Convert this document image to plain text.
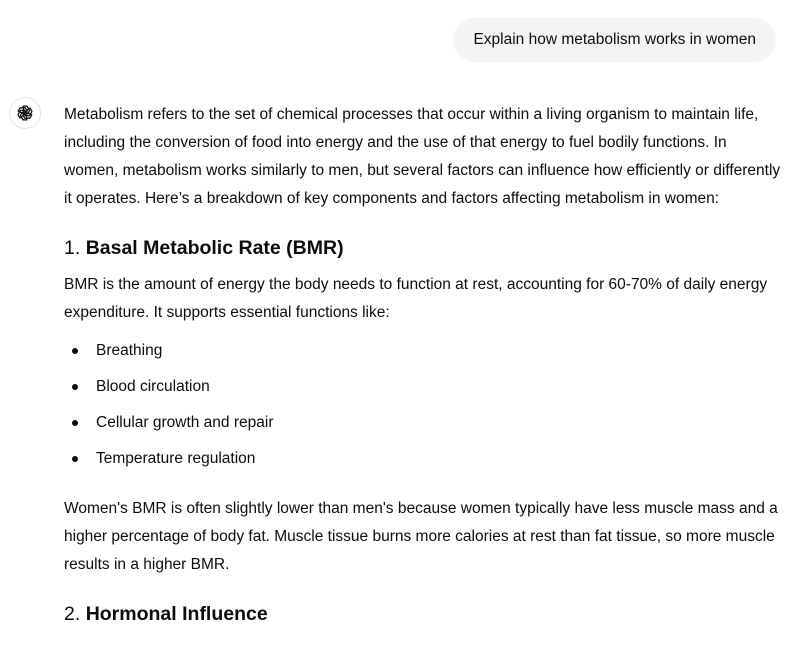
Explain how metabolism works in women

Metabolism refers to the set of chemical processes that occur within a living organism to maintain life, including the conversion of food into energy and the use of that energy to fuel bodily functions. In women, metabolism works similarly to men, but several factors can influence how efficiently or differently it operates. Here’s a breakdown of key components and factors affecting metabolism in women:

1. Basal Metabolic Rate (BMR)

BMR is the amount of energy the body needs to function at rest, accounting for 60-70% of daily energy expenditure. It supports essential functions like:

Breathing
Blood circulation
Cellular growth and repair
Temperature regulation

Women's BMR is often slightly lower than men's because women typically have less muscle mass and a higher percentage of body fat. Muscle tissue burns more calories at rest than fat tissue, so more muscle results in a higher BMR.

2. Hormonal Influence
